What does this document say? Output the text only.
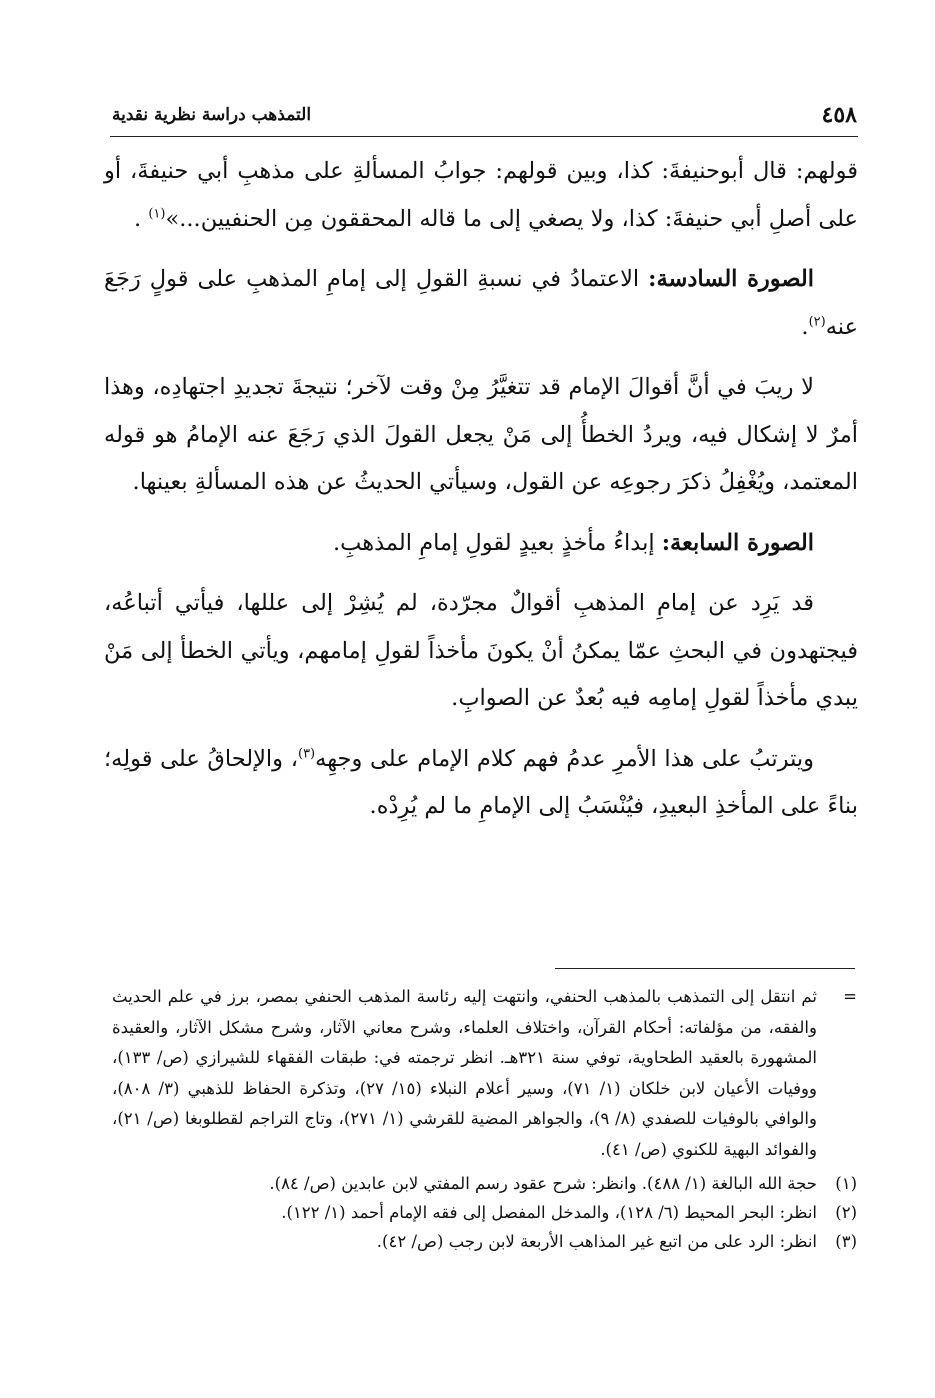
٤٥٨
التمذهب دراسة نظرية نقدية

قولهم: قال أبوحنيفةَ: كذا، وبين قولهم: جوابُ المسألةِ على مذهبِ أبي حنيفةَ، أو على أصلِ أبي حنيفةَ: كذا، ولا يصغي إلى ما قاله المحققون مِن الحنفيين...»$^{(١)}$ .

الصورة السادسة: الاعتمادُ في نسبةِ القولِ إلى إمامِ المذهبِ على قولٍ رَجَعَ عنه$^{(٢)}$.

لا ريبَ في أنَّ أقوالَ الإمام قد تتغيَّرُ مِنْ وقت لآخر؛ نتيجةَ تجديدِ اجتهادِه، وهذا أمرٌ لا إشكال فيه، ويردُ الخطأُ إلى مَنْ يجعل القولَ الذي رَجَعَ عنه الإمامُ هو قوله المعتمد، ويُغْفِلُ ذكرَ رجوعِه عن القول، وسيأتي الحديثُ عن هذه المسألةِ بعينها.

الصورة السابعة: إبداءُ مأخذٍ بعيدٍ لقولِ إمامِ المذهبِ.

قد يَرِد عن إمامِ المذهبِ أقوالٌ مجرّدة، لم يُشِرْ إلى عللها، فيأتي أتباعُه، فيجتهدون في البحثِ عمّا يمكنُ أنْ يكونَ مأخذاً لقولِ إمامهم، ويأتي الخطأ إلى مَنْ يبدي مأخذاً لقولِ إمامِه فيه بُعدٌ عن الصوابِ.

ويترتبُ على هذا الأمرِ عدمُ فهم كلام الإمام على وجهِه$^{(٣)}$، والإلحاقُ على قولِه؛ بناءً على المأخذِ البعيدِ، فيُنْسَبُ إلى الإمامِ ما لم يُرِدْه.

=
ثم انتقل إلى التمذهب بالمذهب الحنفي، وانتهت إليه رئاسة المذهب الحنفي بمصر، برز في علم الحديث والفقه، من مؤلفاته: أحكام القرآن، واختلاف العلماء، وشرح معاني الآثار، وشرح مشكل الآثار، والعقيدة المشهورة بالعقيد الطحاوية، توفي سنة ٣٢١هـ. انظر ترجمته في: طبقات الفقهاء للشيرازي (ص/ ١٣٣)، ووفيات الأعيان لابن خلكان (١/ ٧١)، وسير أعلام النبلاء (١٥/ ٢٧)، وتذكرة الحفاظ للذهبي (٣/ ٨٠٨)، والوافي بالوفيات للصفدي (٨/ ٩)، والجواهر المضية للقرشي (١/ ٢٧١)، وتاج التراجم لقطلوبغا (ص/ ٢١)، والفوائد البهية للكنوي (ص/ ٤١).
(١)
حجة الله البالغة (١/ ٤٨٨). وانظر: شرح عقود رسم المفتي لابن عابدين (ص/ ٨٤).
(٢)
انظر: البحر المحيط (٦/ ١٢٨)، والمدخل المفصل إلى فقه الإمام أحمد (١/ ١٢٢).
(٣)
انظر: الرد على من اتبع غير المذاهب الأربعة لابن رجب (ص/ ٤٢).
